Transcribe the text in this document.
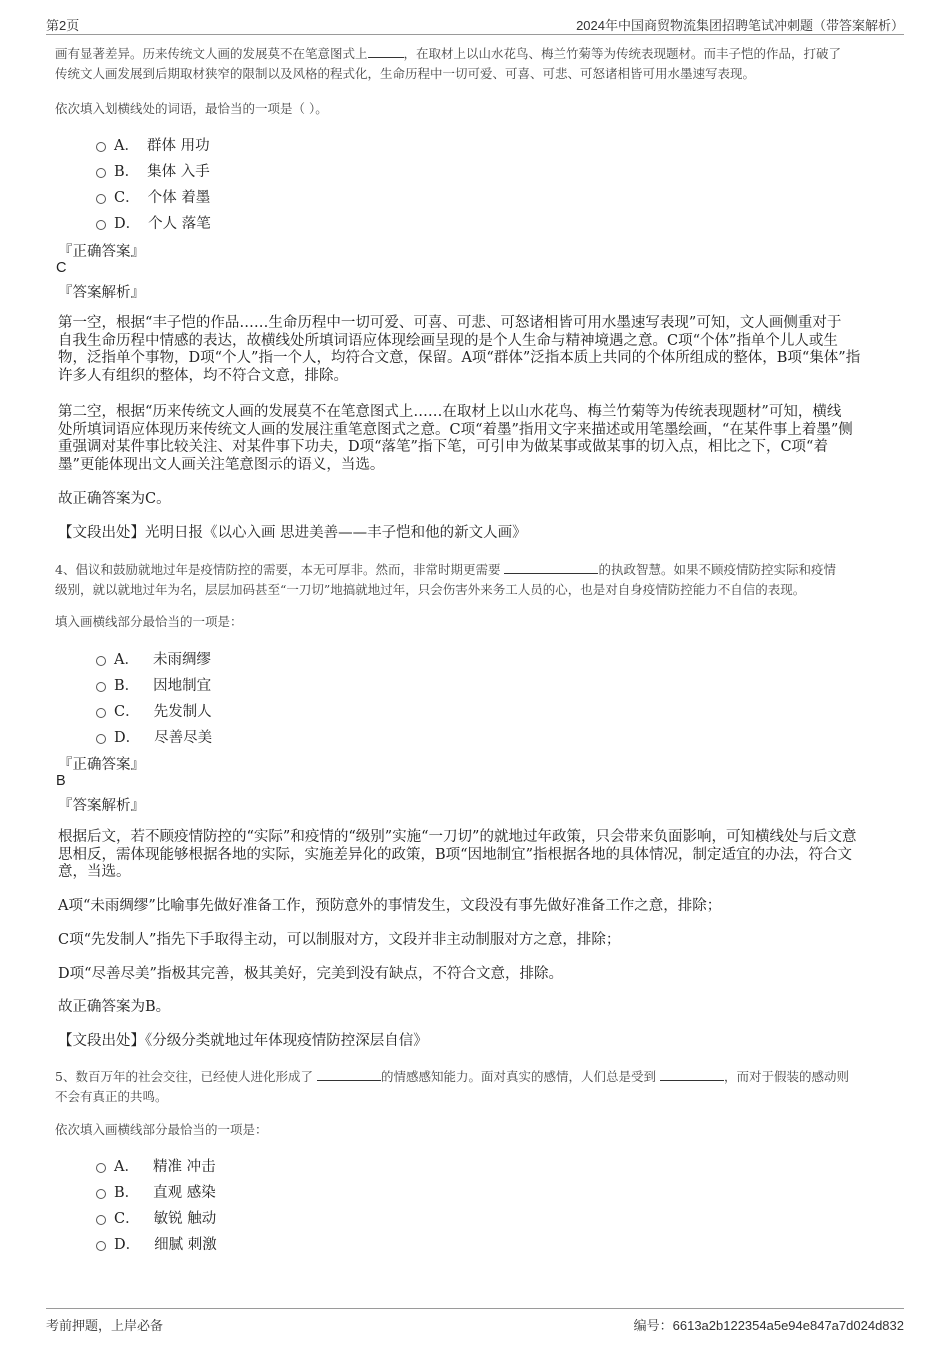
第2页	2024年中国商贸物流集团招聘笔试冲刺题（带答案解析）
画有显著差异。历来传统文人画的发展莫不在笔意图式上	，在取材上以山水花鸟、梅兰竹菊等为传统表现题材。而丰子恺的作品，打破了
传统文人画发展到后期取材狭窄的限制以及风格的程式化，生命历程中一切可爱、可喜、可悲、可怒诸相皆可用水墨速写表现。
依次填入划横线处的词语，最恰当的一项是（ ）。
A． 群体 用功
B． 集体 入手
C． 个体 着墨
D． 个人 落笔
『正确答案』
C
『答案解析』
第一空，根据“丰子恺的作品……生命历程中一切可爱、可喜、可悲、可怒诸相皆可用水墨速写表现”可知，文人画侧重对于
自我生命历程中情感的表达，故横线处所填词语应体现绘画呈现的是个人生命与精神境遇之意。C项“个体”指单个儿人或生
物，泛指单个事物，D项“个人”指一个人，均符合文意，保留。A项“群体”泛指本质上共同的个体所组成的整体，B项“集体”指
许多人有组织的整体，均不符合文意，排除。
第二空，根据“历来传统文人画的发展莫不在笔意图式上……在取材上以山水花鸟、梅兰竹菊等为传统表现题材”可知，横线
处所填词语应体现历来传统文人画的发展注重笔意图式之意。C项“着墨”指用文字来描述或用笔墨绘画，“在某件事上着墨”侧
重强调对某件事比较关注、对某件事下功夫，D项“落笔”指下笔，可引申为做某事或做某事的切入点，相比之下，C项“着
墨”更能体现出文人画关注笔意图示的语义，当选。
故正确答案为C。
【文段出处】光明日报《以心入画 思进美善——丰子恺和他的新文人画》
4、倡议和鼓励就地过年是疫情防控的需要，本无可厚非。然而，非常时期更需要	的执政智慧。如果不顾疫情防控实际和疫情
级别，就以就地过年为名，层层加码甚至“一刀切”地搞就地过年，只会伤害外来务工人员的心，也是对自身疫情防控能力不自信的表现。
填入画横线部分最恰当的一项是：
A． 未雨绸缪
B． 因地制宜
C． 先发制人
D． 尽善尽美
『正确答案』
B
『答案解析』
根据后文，若不顾疫情防控的“实际”和疫情的“级别”实施“一刀切”的就地过年政策，只会带来负面影响，可知横线处与后文意
思相反，需体现能够根据各地的实际，实施差异化的政策，B项“因地制宜”指根据各地的具体情况，制定适宜的办法，符合文
意，当选。
A项“未雨绸缪”比喻事先做好准备工作，预防意外的事情发生，文段没有事先做好准备工作之意，排除；
C项“先发制人”指先下手取得主动，可以制服对方，文段并非主动制服对方之意，排除；
D项“尽善尽美”指极其完善，极其美好，完美到没有缺点，不符合文意，排除。
故正确答案为B。
【文段出处】《分级分类就地过年体现疫情防控深层自信》
5、数百万年的社会交往，已经使人进化形成了	的情感感知能力。面对真实的感情，人们总是受到	，而对于假装的感动则
不会有真正的共鸣。
依次填入画横线部分最恰当的一项是：
A． 精准 冲击
B． 直观 感染
C． 敏锐 触动
D． 细腻 刺激
考前押题，上岸必备	编号：6613a2b122354a5e94e847a7d024d832
